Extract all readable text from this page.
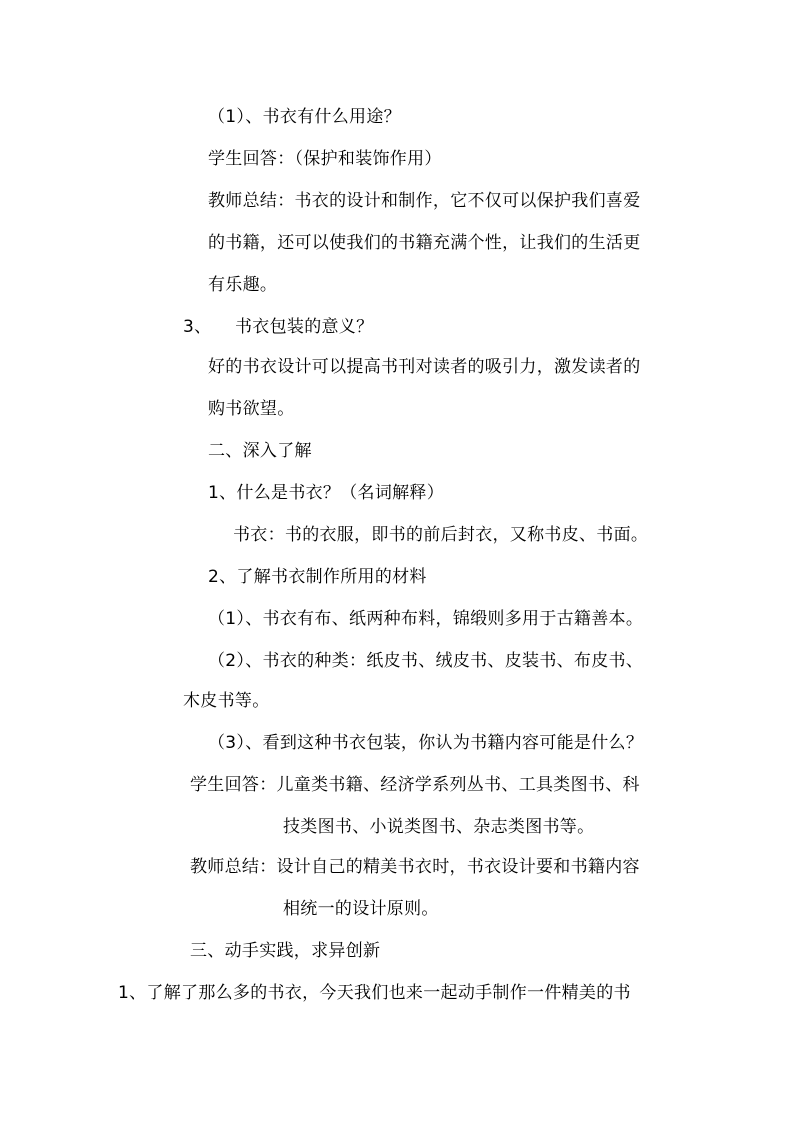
（1）、书衣有什么用途？
学生回答：（保护和装饰作用）
教师总结：书衣的设计和制作，它不仅可以保护我们喜爱
的书籍，还可以使我们的书籍充满个性，让我们的生活更
有乐趣。
3、 书衣包装的意义？
好的书衣设计可以提高书刊对读者的吸引力，激发读者的
购书欲望。
二、深入了解
1、什么是书衣？（名词解释）
书衣：书的衣服，即书的前后封衣，又称书皮、书面。
2、了解书衣制作所用的材料
（1）、书衣有布、纸两种布料，锦缎则多用于古籍善本。
（2）、书衣的种类：纸皮书、绒皮书、皮装书、布皮书、
木皮书等。
（3）、看到这种书衣包装，你认为书籍内容可能是什么？
学生回答：儿童类书籍、经济学系列丛书、工具类图书、科
技类图书、小说类图书、杂志类图书等。
教师总结：设计自己的精美书衣时，书衣设计要和书籍内容
相统一的设计原则。
三、动手实践，求异创新
1、了解了那么多的书衣，今天我们也来一起动手制作一件精美的书
